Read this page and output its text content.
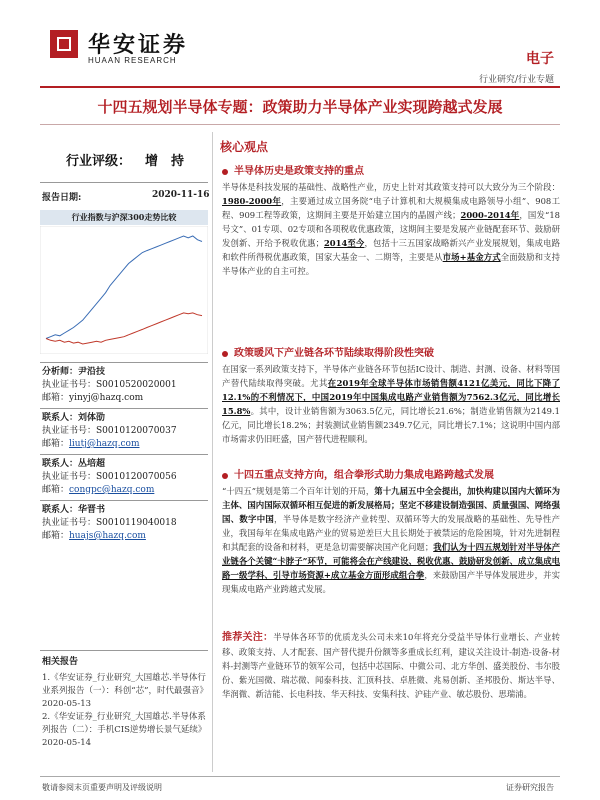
华安证券
HUAAN RESEARCH	电子
行业研究/行业专题
十四五规划半导体专题：政策助力半导体产业实现跨越式发展
行业评级： 增　持
报告日期:	2020-11-16
行业指数与沪深300走势比较
分析师：尹沿技
执业证书号：S0010520020001
邮箱：yinyj@hazq.com
联系人：刘体劭
执业证书号：S0010120070037
邮箱：liutj@hazq.com
联系人：丛培超
执业证书号：S0010120070056
邮箱：congpc@hazq.com
联系人：华晋书
执业证书号：S0010119040018
邮箱：huajs@hazq.com
相关报告
1.《华安证券_行业研究_大国雄芯.半导体行业系列报告（一）：科创“芯”，时代最强音》2020-05-13
2.《华安证券_行业研究_大国雄芯.半导体系列报告（二）：手机CIS逆势增长景气延续》2020-05-14
核心观点
半导体历史是政策支持的重点
半导体是科技发展的基础性、战略性产业，历史上针对其政策支持可以大致分为三个阶段：1980-2000年，主要通过成立国务院“电子计算机和大规模集成电路领导小组”、908工程、909工程等政策，这期间主要是开始建立国内的晶圆产线；2000-2014年，国发“18号文”、01专项、02专项和各项税收优惠政策，这期间主要是发展产业链配套环节、鼓励研发创新、开给予税收优惠；2014至今，包括十三五国家战略新兴产业发展规划，集成电路和软件所得税优惠政策，国家大基金一、二期等，主要是从市场+基金方式全面鼓励和支持半导体产业的自主可控。
政策暖风下产业链各环节陆续取得阶段性突破
在国家一系列政策支持下，半导体产业链各环节包括IC设计、制造、封测、设备、材料等国产替代陆续取得突破。尤其在2019年全球半导体市场销售额4121亿美元，同比下降了12.1%的不利情况下，中国2019年中国集成电路产业销售额为7562.3亿元，同比增长15.8%。其中，设计业销售额为3063.5亿元，同比增长21.6%；制造业销售额为2149.1亿元，同比增长18.2%；封装测试业销售额2349.7亿元，同比增长7.1%；这说明中国内部市场需求仍旧旺盛，国产替代进程顺利。
十四五重点支持方向，组合拳形式助力集成电路跨越式发展
“十四五”规划是第二个百年计划的开局，第十九届五中全会提出，加快构建以国内大循环为主体、国内国际双循环相互促进的新发展格局；坚定不移建设制造强国、质量强国、网络强国、数字中国，半导体是数字经济产业转型、双循环等大的发展战略的基础性、先导性产业，我国每年在集成电路产业的贸易逆差巨大且长期处于被禁运的危险困境，针对先进制程和其配套的设备和材料，更是急切需要解决国产化问题；我们认为十四五规划针对半导体产业链各个关键“卡脖子”环节，可能将会在产线建设、税收优惠、鼓励研发创新、成立集成电路一级学科、引导市场资源+成立基金方面形成组合拳，来鼓励国产半导体发展进步，并实现集成电路产业跨越式发展。
推荐关注：半导体各环节的优质龙头公司未来10年将充分受益半导体行业增长、产业转移、政策支持、人才配套、国产替代提升份额等多重成长红利，建议关注设计-制造-设备-材料-封测等产业链环节的领军公司，包括中芯国际、中微公司、北方华创、盛美股份、韦尔股份、紫光国微、瑞芯微、闻泰科技、汇顶科技、卓胜微、兆易创新、圣邦股份、斯达半导、华润微、新洁能、长电科技、华天科技、安集科技、沪硅产业、敏芯股份、思瑞浦。
敬请参阅末页重要声明及评级说明	证券研究报告
